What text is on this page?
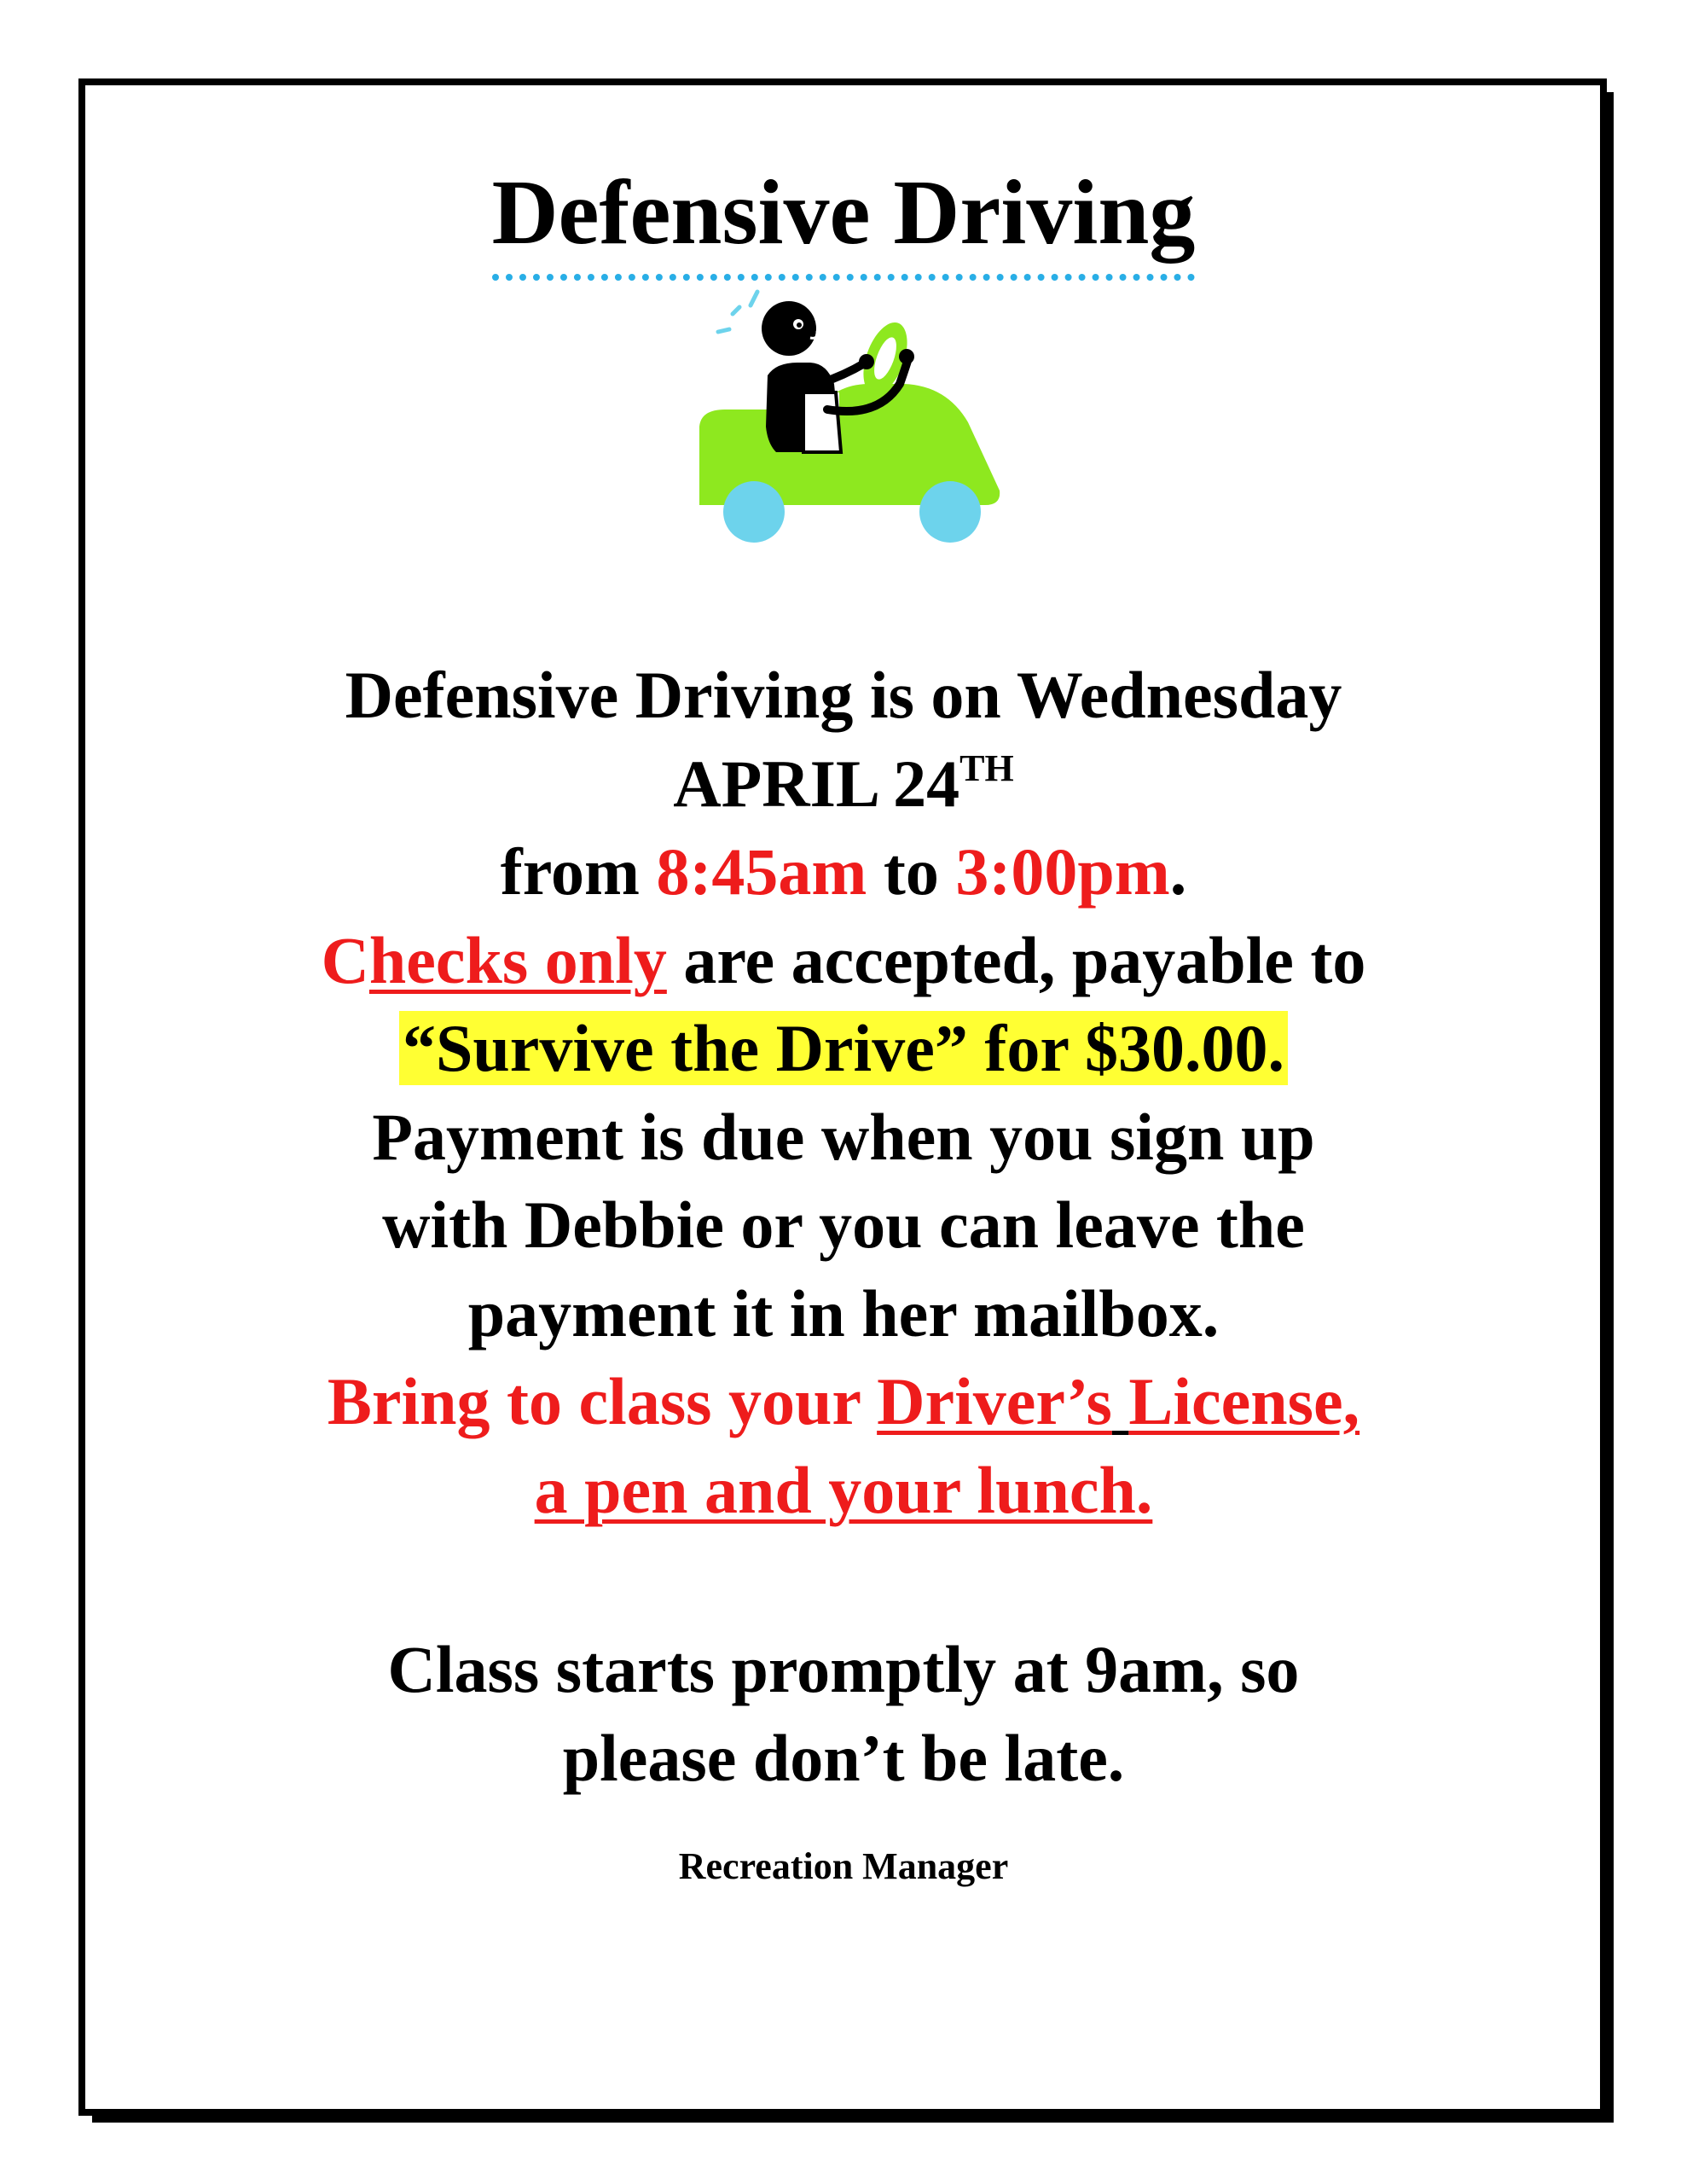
Defensive Driving
Defensive Driving is on Wednesday
APRIL 24TH
from 8:45am to 3:00pm.
Checks only are accepted, payable to
“Survive the Drive” for $30.00.
Payment is due when you sign up
with Debbie or you can leave the
payment it in her mailbox.
Bring to class your Driver’s License,
a pen and your lunch.
Class starts promptly at 9am, so
please don’t be late.
Recreation Manager
